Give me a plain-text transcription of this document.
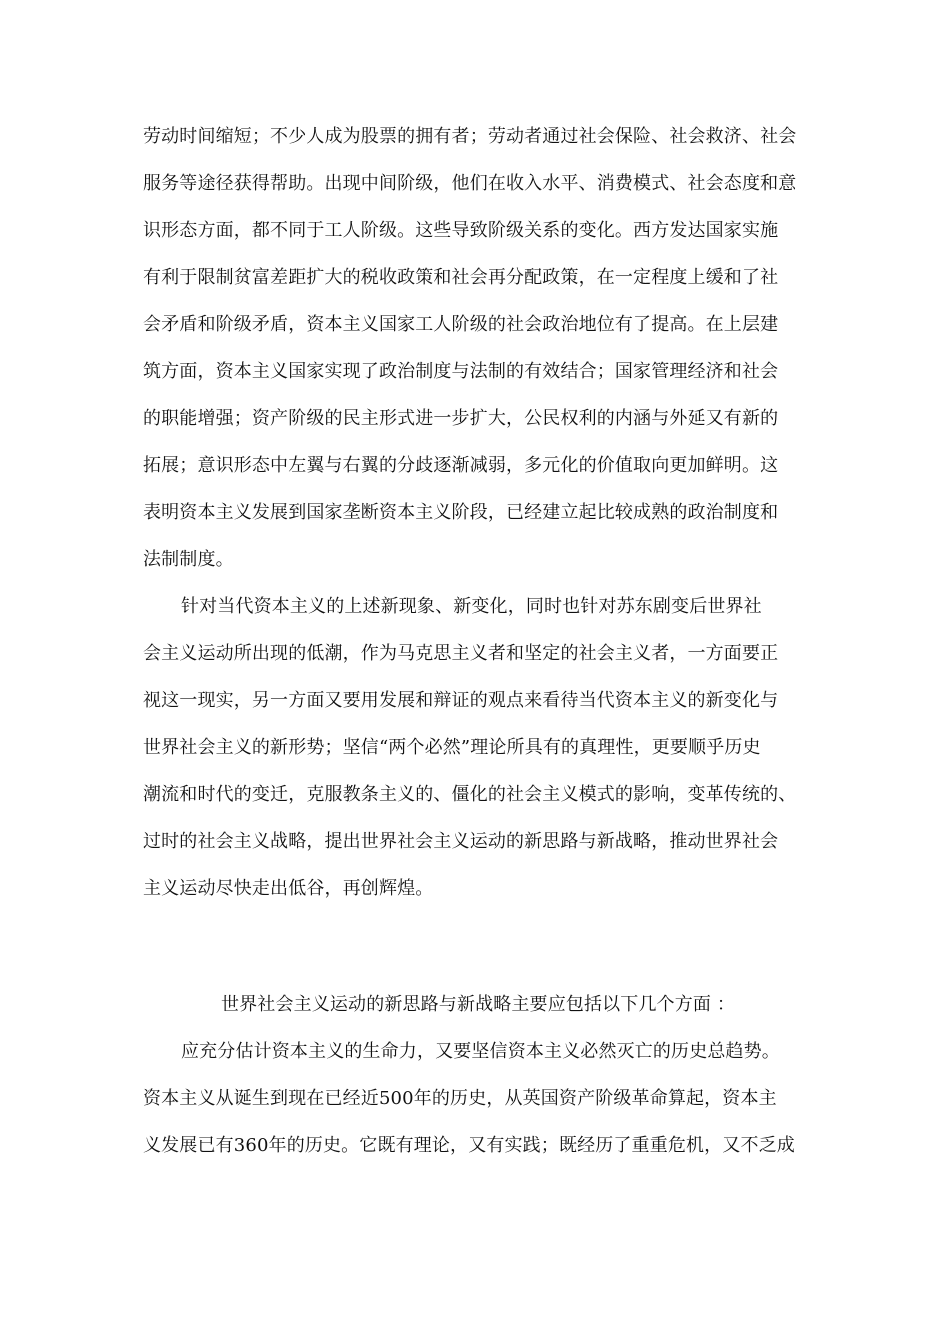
劳动时间缩短；不少人成为股票的拥有者；劳动者通过社会保险、社会救济、社会
服务等途径获得帮助。出现中间阶级，他们在收入水平、消费模式、社会态度和意
识形态方面，都不同于工人阶级。这些导致阶级关系的变化。西方发达国家实施
有利于限制贫富差距扩大的税收政策和社会再分配政策，在一定程度上缓和了社
会矛盾和阶级矛盾，资本主义国家工人阶级的社会政治地位有了提高。在上层建
筑方面，资本主义国家实现了政治制度与法制的有效结合；国家管理经济和社会
的职能增强；资产阶级的民主形式进一步扩大，公民权利的内涵与外延又有新的
拓展；意识形态中左翼与右翼的分歧逐渐减弱，多元化的价值取向更加鲜明。这
表明资本主义发展到国家垄断资本主义阶段，已经建立起比较成熟的政治制度和
法制制度。
针对当代资本主义的上述新现象、新变化，同时也针对苏东剧变后世界社
会主义运动所出现的低潮，作为马克思主义者和坚定的社会主义者，一方面要正
视这一现实，另一方面又要用发展和辩证的观点来看待当代资本主义的新变化与
世界社会主义的新形势；坚信“两个必然”理论所具有的真理性，更要顺乎历史
潮流和时代的变迁，克服教条主义的、僵化的社会主义模式的影响，变革传统的、
过时的社会主义战略，提出世界社会主义运动的新思路与新战略，推动世界社会
主义运动尽快走出低谷，再创辉煌。
世界社会主义运动的新思路与新战略主要应包括以下几个方面 ：
应充分估计资本主义的生命力，又要坚信资本主义必然灭亡的历史总趋势。
资本主义从诞生到现在已经近500年的历史，从英国资产阶级革命算起，资本主
义发展已有360年的历史。它既有理论，又有实践；既经历了重重危机，又不乏成
